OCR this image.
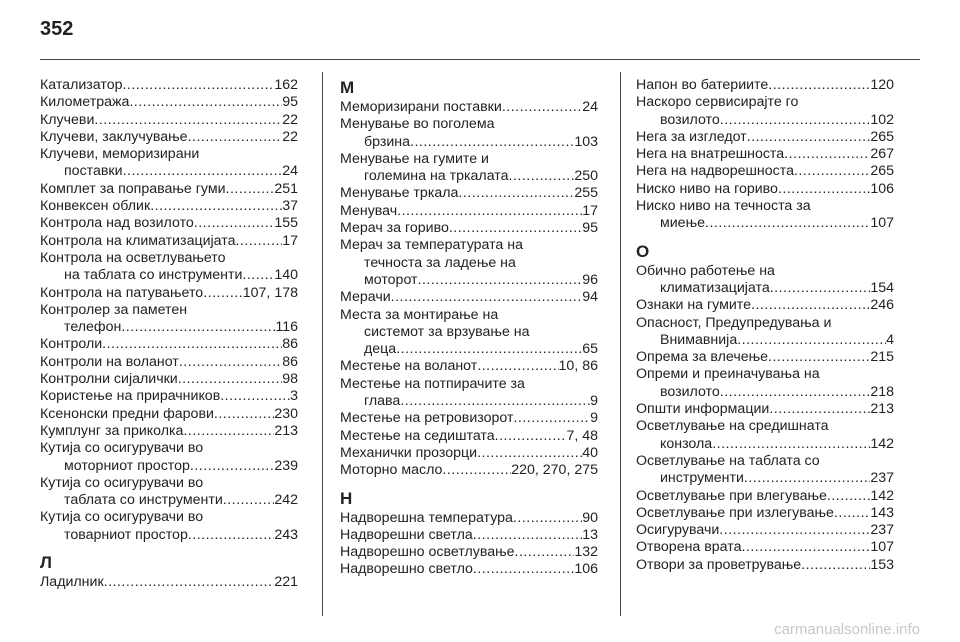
352
Катализатор .....	162
Километража .....	95
Клучеви .....	22
Клучеви, заклучување .....	22
Клучеви, меморизирани
поставки .....	24
Комплет за поправање гуми .....	251
Конвексен облик .....	37
Контрола над возилото .....	155
Контрола на климатизацијата .....	17
Контрола на осветлувањето
на таблата со инструменти ..... 140
Контрола на патувањето .....	107, 178
Контролер за паметен
телефон .....	116
Контроли .....	86
Контроли на воланот .....	86
Контролни сијалички .....	98
Користење на прирачников .....	3
Ксенонски предни фарови .....	230
Кумплунг за приколка .....	213
Кутија со осигурувачи во
моторниот простор .....	239
Кутија со осигурувачи во
таблата со инструменти .....	242
Кутија со осигурувачи во
товарниот простор .....	243
Л
Ладилник .....	221
М
Меморизирани поставки .....	24
Менување во поголема
брзина .....	103
Менување на гумите и
големина на тркалата .....	250
Менување тркала .....	255
Менувач .....	17
Мерач за гориво .....	95
Мерач за температурата на
течноста за ладење на
моторот .....	96
Мерачи .....	94
Места за монтирање на
системот за врзување на
деца .....	65
Местење на воланот .....	10, 86
Местење на потпирачите за
глава .....	9
Местење на ретровизорот .....	9
Местење на седиштата .....	7, 48
Механички прозорци .....	40
Моторно масло .....	220, 270, 275
Н
Надворешна температура .....	90
Надворешни светла .....	13
Надворешно осветлување .....	132
Надворешно светло .....	106
Напон во батериите .....	120
Наскоро сервисирајте го
возилото .....	102
Нега за изгледот .....	265
Нега на внатрешноста .....	267
Нега на надворешноста .....	265
Ниско ниво на гориво .....	106
Ниско ниво на течноста за
миење .....	107
О
Обично работење на
климатизацијата .....	154
Ознаки на гумите .....	246
Опасност, Предупредувања и
Внимавнија .....	4
Опрема за влечење .....	215
Опреми и преиначувања на
возилото .....	218
Општи информации .....	213
Осветлување на средишната
конзола .....	142
Осветлување на таблата со
инструменти .....	237
Осветлување при влегување .....	142
Осветлување при излегување .....	143
Осигурувачи .....	237
Отворена врата .....	107
Отвори за проветрување .....	153
carmanualsonline.info
